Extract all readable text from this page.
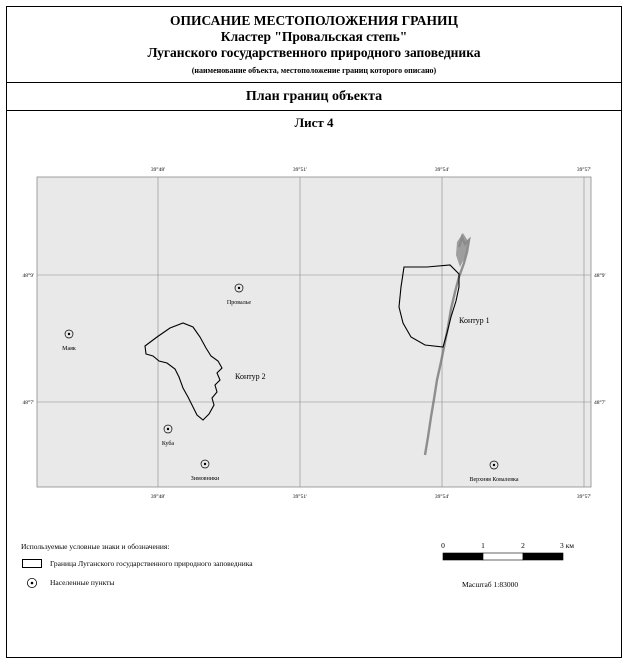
ОПИСАНИЕ МЕСТОПОЛОЖЕНИЯ ГРАНИЦ
Кластер "Провальская степь"
Луганского государственного природного заповедника
(наименование объекта, местоположение границ которого описано)
План границ объекта
Лист 4
39°48'	39°51'	39°54'	39°57'
39°48'	39°51'	39°54'	39°57'
48°9'
48°7'
48°9'
48°7'
Контур 1
Контур 2
Провалье
Маяк
Куба
Зимовники	Верхняя Ковалевка
Используемые условные знаки и обозначения:
Граница Луганского государственного природного заповедника
Населенные пункты
0	1	2	3 км
Масштаб 1:83000
